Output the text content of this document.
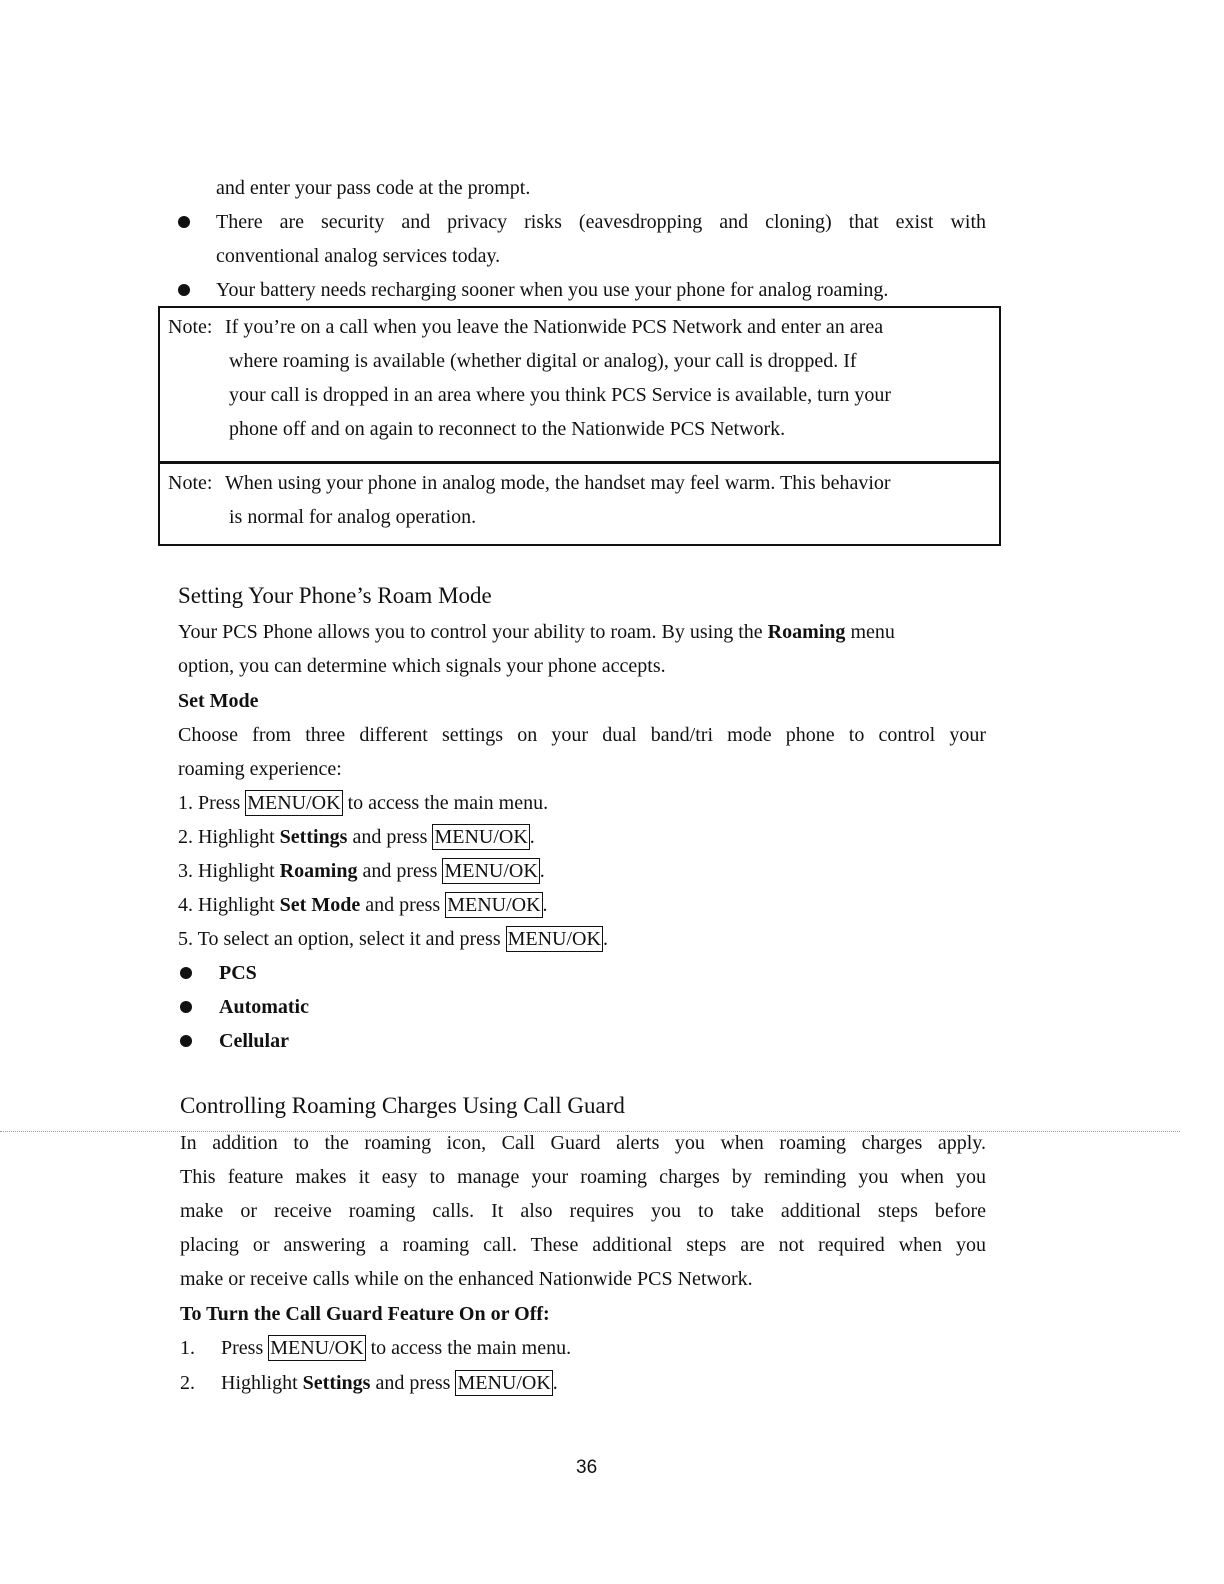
and enter your pass code at the prompt.
There are security and privacy risks (eavesdropping and cloning) that exist with
conventional analog services today.
Your battery needs recharging sooner when you use your phone for analog roaming.
Note: If you’re on a call when you leave the Nationwide PCS Network and enter an area
where roaming is available (whether digital or analog), your call is dropped. If
your call is dropped in an area where you think PCS Service is available, turn your
phone off and on again to reconnect to the Nationwide PCS Network.
Note: When using your phone in analog mode, the handset may feel warm. This behavior
is normal for analog operation.
Setting Your Phone’s Roam Mode
Your PCS Phone allows you to control your ability to roam. By using the Roaming menu
option, you can determine which signals your phone accepts.
Set Mode
Choose from three different settings on your dual band/tri mode phone to control your
roaming experience:
1. Press MENU/OK to access the main menu.
2. Highlight Settings and press MENU/OK .
3. Highlight Roaming and press MENU/OK .
4. Highlight Set Mode and press MENU/OK .
5. To select an option, select it and press MENU/OK .
PCS
Automatic
Cellular
Controlling Roaming Charges Using Call Guard
In addition to the roaming icon, Call Guard alerts you when roaming charges apply.
This feature makes it easy to manage your roaming charges by reminding you when you
make or receive roaming calls. It also requires you to take additional steps before
placing or answering a roaming call. These additional steps are not required when you
make or receive calls while on the enhanced Nationwide PCS Network.
To Turn the Call Guard Feature On or Off:
1. Press MENU/OK to access the main menu.
2. Highlight Settings and press MENU/OK .
36
